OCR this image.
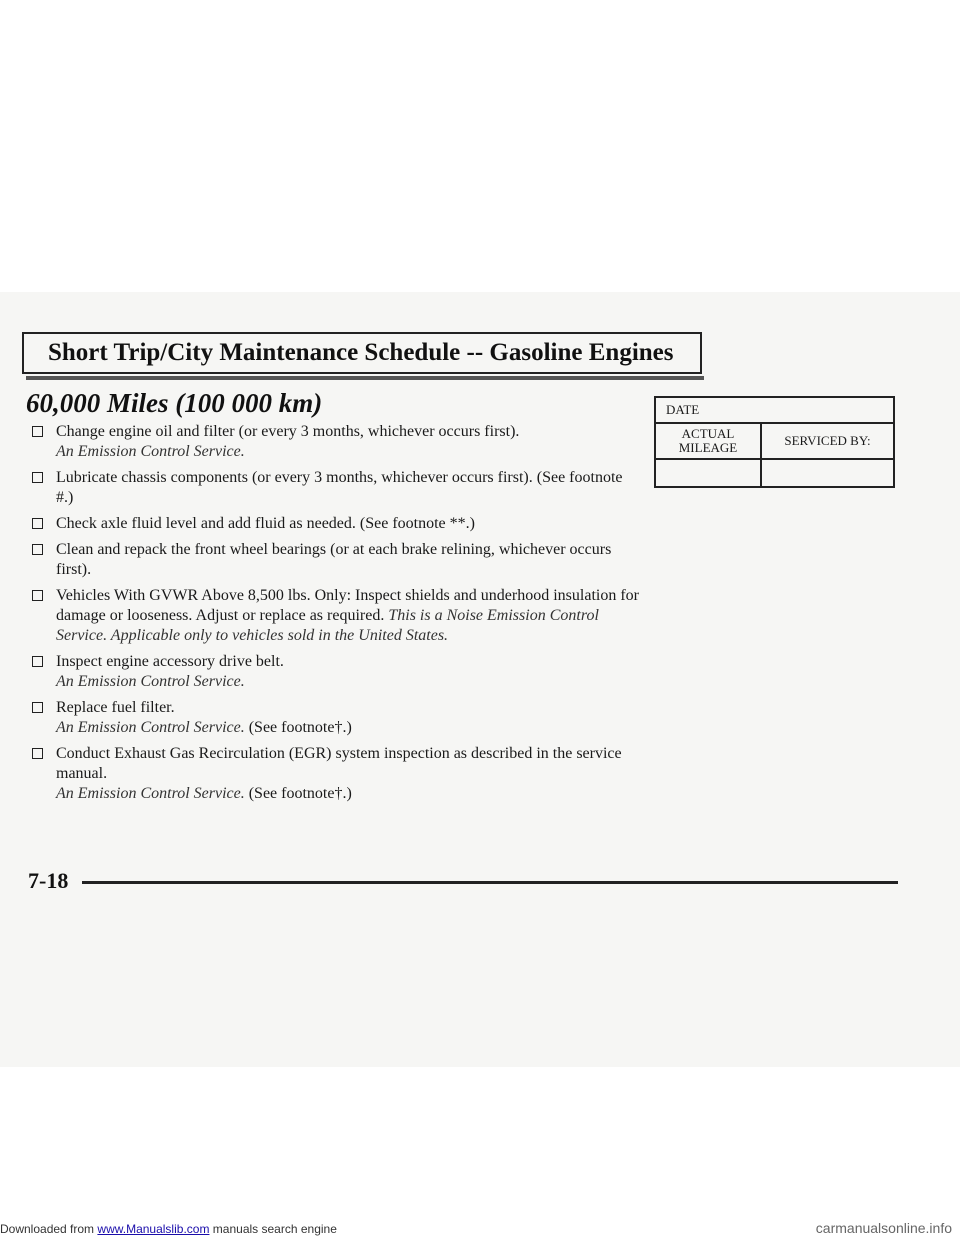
Short Trip/City Maintenance Schedule -- Gasoline Engines
60,000 Miles (100 000 km)
Change engine oil and filter (or every 3 months, whichever occurs first).
An Emission Control Service.
Lubricate chassis components (or every 3 months, whichever occurs first). (See footnote #.)
Check axle fluid level and add fluid as needed. (See footnote **.)
Clean and repack the front wheel bearings (or at each brake relining, whichever occurs first).
Vehicles With GVWR Above 8,500 lbs. Only: Inspect shields and underhood insulation for damage or looseness. Adjust or replace as required. This is a Noise Emission Control Service. Applicable only to vehicles sold in the United States.
Inspect engine accessory drive belt.
An Emission Control Service.
Replace fuel filter.
An Emission Control Service. (See footnote†.)
Conduct Exhaust Gas Recirculation (EGR) system inspection as described in the service manual.
An Emission Control Service. (See footnote†.)
DATE	
ACTUAL MILEAGE	SERVICED BY:

7-18
Downloaded from www.Manualslib.com manuals search engine	carmanualsonline.info
